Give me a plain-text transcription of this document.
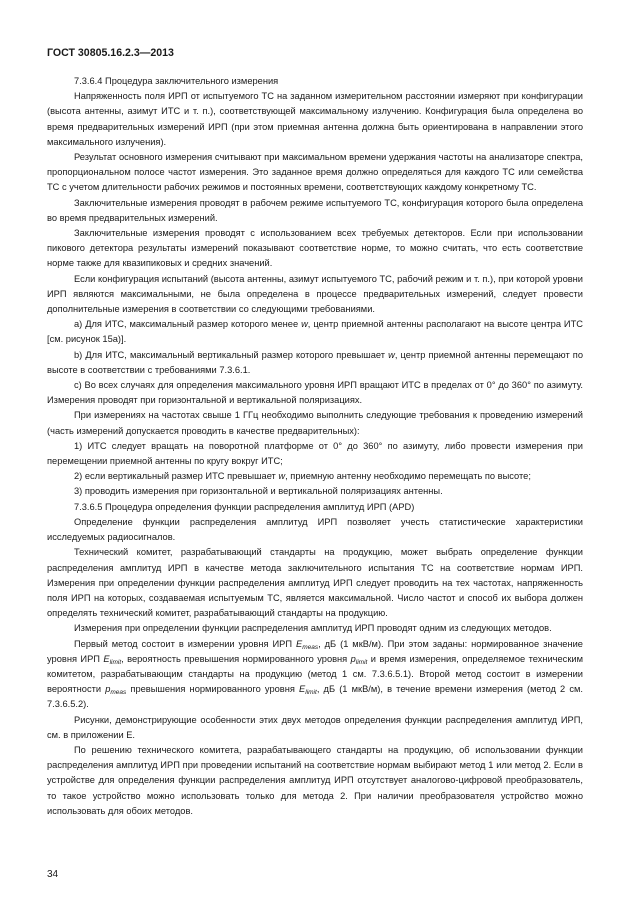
ГОСТ 30805.16.2.3—2013

7.3.6.4 Процедура заключительного измерения

Напряженность поля ИРП от испытуемого ТС на заданном измерительном расстоянии измеряют при конфигурации (высота антенны, азимут ИТС и т. п.), соответствующей максимальному излучению. Конфигурация была определена во время предварительных измерений ИРП (при этом приемная антенна должна быть ориентирована в направлении этого максимального излучения).

Результат основного измерения считывают при максимальном времени удержания частоты на анализаторе спектра, пропорциональном полосе частот измерения. Это заданное время должно определяться для каждого ТС или семейства ТС с учетом длительности рабочих режимов и постоянных времени, соответствующих каждому конкретному ТС.

Заключительные измерения проводят в рабочем режиме испытуемого ТС, конфигурация которого была определена во время предварительных измерений.

Заключительные измерения проводят с использованием всех требуемых детекторов. Если при использовании пикового детектора результаты измерений показывают соответствие норме, то можно считать, что есть соответствие норме также для квазипиковых и средних значений.

Если конфигурация испытаний (высота антенны, азимут испытуемого ТС, рабочий режим и т. п.), при которой уровни ИРП являются максимальными, не была определена в процессе предварительных измерений, следует провести дополнительные измерения в соответствии со следующими требованиями.

a) Для ИТС, максимальный размер которого менее w, центр приемной антенны располагают на высоте центра ИТС [см. рисунок 15а)].

b) Для ИТС, максимальный вертикальный размер которого превышает w, центр приемной антенны перемещают по высоте в соответствии с требованиями 7.3.6.1.

c) Во всех случаях для определения максимального уровня ИРП вращают ИТС в пределах от 0° до 360° по азимуту. Измерения проводят при горизонтальной и вертикальной поляризациях.

При измерениях на частотах свыше 1 ГГц необходимо выполнить следующие требования к проведению измерений (часть измерений допускается проводить в качестве предварительных):

1) ИТС следует вращать на поворотной платформе от 0° до 360° по азимуту, либо провести измерения при перемещении приемной антенны по кругу вокруг ИТС;

2) если вертикальный размер ИТС превышает w, приемную антенну необходимо перемещать по высоте;

3) проводить измерения при горизонтальной и вертикальной поляризациях антенны.

7.3.6.5 Процедура определения функции распределения амплитуд ИРП (APD)

Определение функции распределения амплитуд ИРП позволяет учесть статистические характеристики исследуемых радиосигналов.

Технический комитет, разрабатывающий стандарты на продукцию, может выбрать определение функции распределения амплитуд ИРП в качестве метода заключительного испытания ТС на соответствие нормам ИРП. Измерения при определении функции распределения амплитуд ИРП следует проводить на тех частотах, напряженность поля ИРП на которых, создаваемая испытуемым ТС, является максимальной. Число частот и способ их выбора должен определять технический комитет, разрабатывающий стандарты на продукцию.

Измерения при определении функции распределения амплитуд ИРП проводят одним из следующих методов.

Первый метод состоит в измерении уровня ИРП $E_{meas}$, дБ (1 мкВ/м). При этом заданы: нормированное значение уровня ИРП $E_{limit}$, вероятность превышения нормированного уровня $p_{limit}$ и время измерения, определяемое техническим комитетом, разрабатывающим стандарты на продукцию (метод 1 см. 7.3.6.5.1). Второй метод состоит в измерении вероятности $p_{meas}$ превышения нормированного уровня $E_{limit}$, дБ (1 мкВ/м), в течение времени измерения (метод 2 см. 7.3.6.5.2).

Рисунки, демонстрирующие особенности этих двух методов определения функции распределения амплитуд ИРП, см. в приложении Е.

По решению технического комитета, разрабатывающего стандарты на продукцию, об использовании функции распределения амплитуд ИРП при проведении испытаний на соответствие нормам выбирают метод 1 или метод 2. Если в устройстве для определения функции распределения амплитуд ИРП отсутствует аналогово-цифровой преобразователь, то такое устройство можно использовать только для метода 2. При наличии преобразователя устройство можно использовать для обоих методов.

34
